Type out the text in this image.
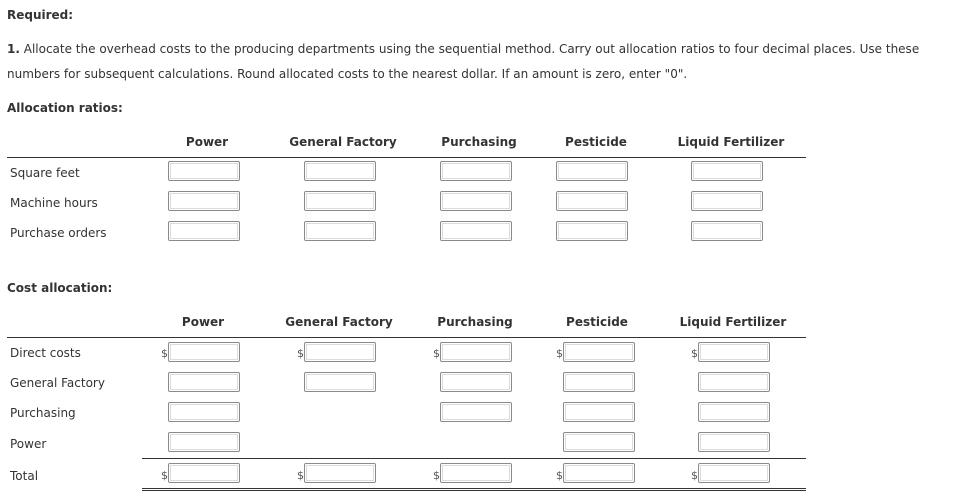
Required:
1. Allocate the overhead costs to the producing departments using the sequential method. Carry out allocation ratios to four decimal places. Use these numbers for subsequent calculations. Round allocated costs to the nearest dollar. If an amount is zero, enter "0".
Allocation ratios:
Power	General Factory	Purchasing	Pesticide	Liquid Fertilizer
Square feet
Machine hours
Purchase orders
Cost allocation:
Power	General Factory	Purchasing	Pesticide	Liquid Fertilizer
Direct costs	$	$	$	$	$
General Factory
Purchasing
Power
Total	$	$	$	$	$
